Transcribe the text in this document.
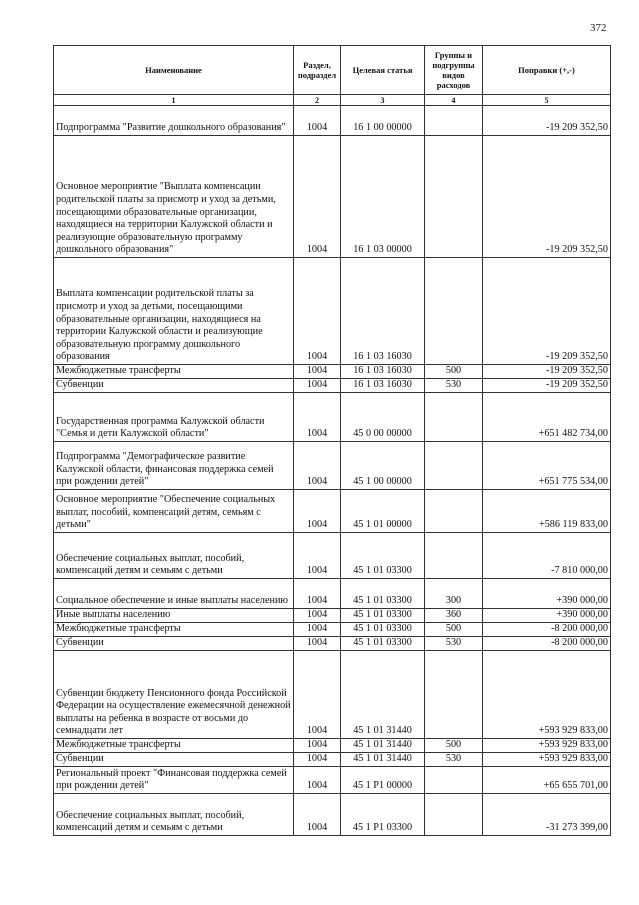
372
Наименование	Раздел, подраздел	Целевая статья	Группы и подгруппы видов расходов	Поправки (+,-)
1	2	3	4	5
Подпрограмма "Развитие дошкольного образования"	1004	16 1 00 00000		-19 209 352,50
Основное мероприятие "Выплата компенсации родительской платы за присмотр и уход за детьми, посещающими образовательные организации, находящиеся на территории Калужской области и реализующие образовательную программу дошкольного образования"	1004	16 1 03 00000		-19 209 352,50
Выплата компенсации родительской платы за присмотр и уход за детьми, посещающими образовательные организации, находящиеся на территории Калужской области и реализующие образовательную программу дошкольного образования	1004	16 1 03 16030		-19 209 352,50
Межбюджетные трансферты	1004	16 1 03 16030	500	-19 209 352,50
Субвенции	1004	16 1 03 16030	530	-19 209 352,50
Государственная программа Калужской области "Семья и дети Калужской области"	1004	45 0 00 00000		+651 482 734,00
Подпрограмма "Демографическое развитие Калужской области, финансовая поддержка семей при рождении детей"	1004	45 1 00 00000		+651 775 534,00
Основное мероприятие "Обеспечение социальных выплат, пособий, компенсаций детям, семьям с детьми"	1004	45 1 01 00000		+586 119 833,00
Обеспечение социальных выплат, пособий, компенсаций детям и семьям с детьми	1004	45 1 01 03300		-7 810 000,00
Социальное обеспечение и иные выплаты населению	1004	45 1 01 03300	300	+390 000,00
Иные выплаты населению	1004	45 1 01 03300	360	+390 000,00
Межбюджетные трансферты	1004	45 1 01 03300	500	-8 200 000,00
Субвенции	1004	45 1 01 03300	530	-8 200 000,00
Субвенции бюджету Пенсионного фонда Российской Федерации на осуществление ежемесячной денежной выплаты на ребенка в возрасте от восьми до семнадцати лет	1004	45 1 01 31440		+593 929 833,00
Межбюджетные трансферты	1004	45 1 01 31440	500	+593 929 833,00
Субвенции	1004	45 1 01 31440	530	+593 929 833,00
Региональный проект "Финансовая поддержка семей при рождении детей"	1004	45 1 P1 00000		+65 655 701,00
Обеспечение социальных выплат, пособий, компенсаций детям и семьям с детьми	1004	45 1 P1 03300		-31 273 399,00
